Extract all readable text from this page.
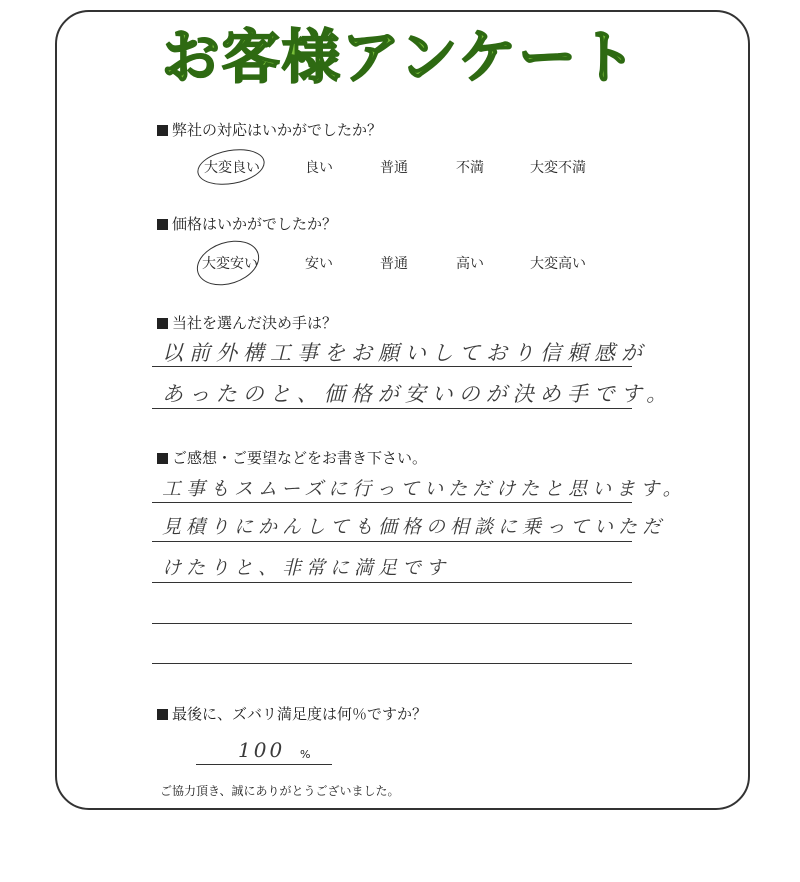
お客様アンケート
弊社の対応はいかがでしたか？
大変良い	良い	普通	不満	大変不満
価格はいかがでしたか？
大変安い	安い	普通	高い	大変高い
当社を選んだ決め手は？
以前外構工事をお願いしており信頼感が
あったのと、価格が安いのが決め手です。
ご感想・ご要望などをお書き下さい。
工事もスムーズに行っていただけたと思います。
見積りにかんしても価格の相談に乗っていただ
けたりと、非常に満足です
最後に、ズバリ満足度は何％ですか？
100 %
ご協力頂き、誠にありがとうございました。
